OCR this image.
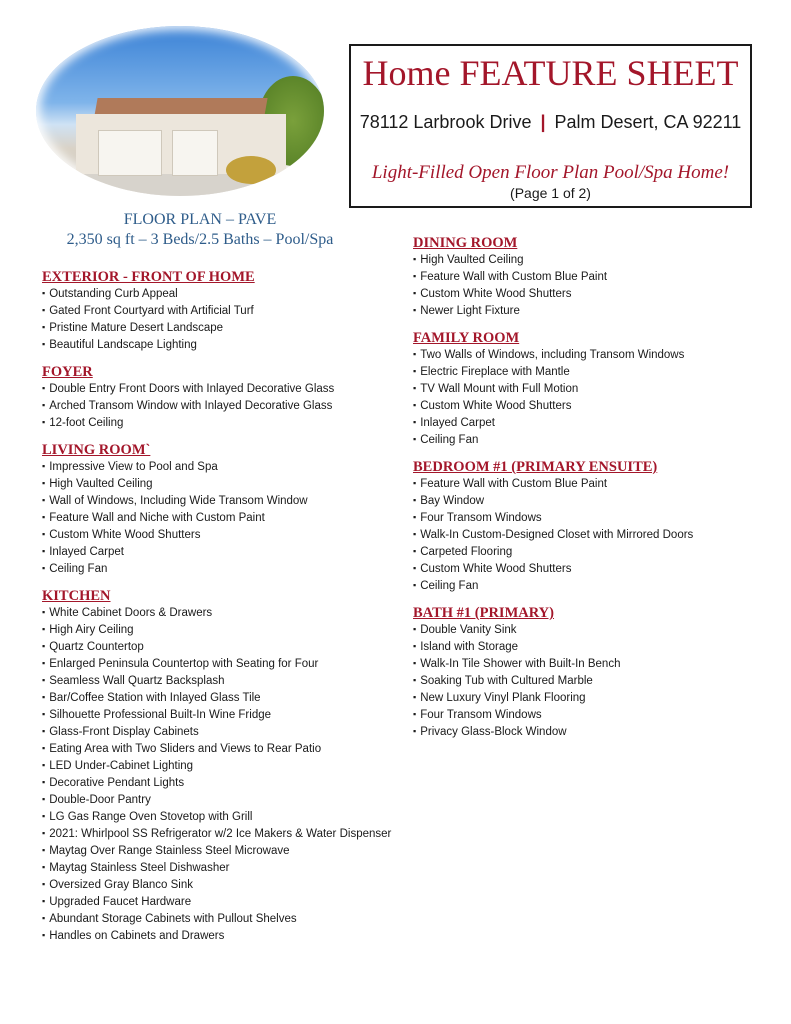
Home FEATURE SHEET
78112 Larbrook Drive | Palm Desert, CA 92211
Light-Filled Open Floor Plan Pool/Spa Home!
(Page 1 of 2)
FLOOR PLAN – PAVE
2,350 sq ft – 3 Beds/2.5 Baths – Pool/Spa
EXTERIOR - FRONT OF HOME
▪ Outstanding Curb Appeal
▪ Gated Front Courtyard with Artificial Turf
▪ Pristine Mature Desert Landscape
▪ Beautiful Landscape Lighting
FOYER
▪ Double Entry Front Doors with Inlayed Decorative Glass
▪ Arched Transom Window with Inlayed Decorative Glass
▪ 12-foot Ceiling
LIVING ROOM`
▪ Impressive View to Pool and Spa
▪ High Vaulted Ceiling
▪ Wall of Windows, Including Wide Transom Window
▪ Feature Wall and Niche with Custom Paint
▪ Custom White Wood Shutters
▪ Inlayed Carpet
▪ Ceiling Fan
KITCHEN
▪ White Cabinet Doors & Drawers
▪ High Airy Ceiling
▪ Quartz Countertop
▪ Enlarged Peninsula Countertop with Seating for Four
▪ Seamless Wall Quartz Backsplash
▪ Bar/Coffee Station with Inlayed Glass Tile
▪ Silhouette Professional Built-In Wine Fridge
▪ Glass-Front Display Cabinets
▪ Eating Area with Two Sliders and Views to Rear Patio
▪ LED Under-Cabinet Lighting
▪ Decorative Pendant Lights
▪ Double-Door Pantry
▪ LG Gas Range Oven Stovetop with Grill
▪ 2021: Whirlpool SS Refrigerator w/2 Ice Makers & Water Dispenser
▪ Maytag Over Range Stainless Steel Microwave
▪ Maytag Stainless Steel Dishwasher
▪ Oversized Gray Blanco Sink
▪ Upgraded Faucet Hardware
▪ Abundant Storage Cabinets with Pullout Shelves
▪ Handles on Cabinets and Drawers
DINING ROOM
▪ High Vaulted Ceiling
▪ Feature Wall with Custom Blue Paint
▪ Custom White Wood Shutters
▪ Newer Light Fixture
FAMILY ROOM
▪ Two Walls of Windows, including Transom Windows
▪ Electric Fireplace with Mantle
▪ TV Wall Mount with Full Motion
▪ Custom White Wood Shutters
▪ Inlayed Carpet
▪ Ceiling Fan
BEDROOM #1 (PRIMARY ENSUITE)
▪ Feature Wall with Custom Blue Paint
▪ Bay Window
▪ Four Transom Windows
▪ Walk-In Custom-Designed Closet with Mirrored Doors
▪ Carpeted Flooring
▪ Custom White Wood Shutters
▪ Ceiling Fan
BATH #1 (PRIMARY)
▪ Double Vanity Sink
▪ Island with Storage
▪ Walk-In Tile Shower with Built-In Bench
▪ Soaking Tub with Cultured Marble
▪ New Luxury Vinyl Plank Flooring
▪ Four Transom Windows
▪ Privacy Glass-Block Window
